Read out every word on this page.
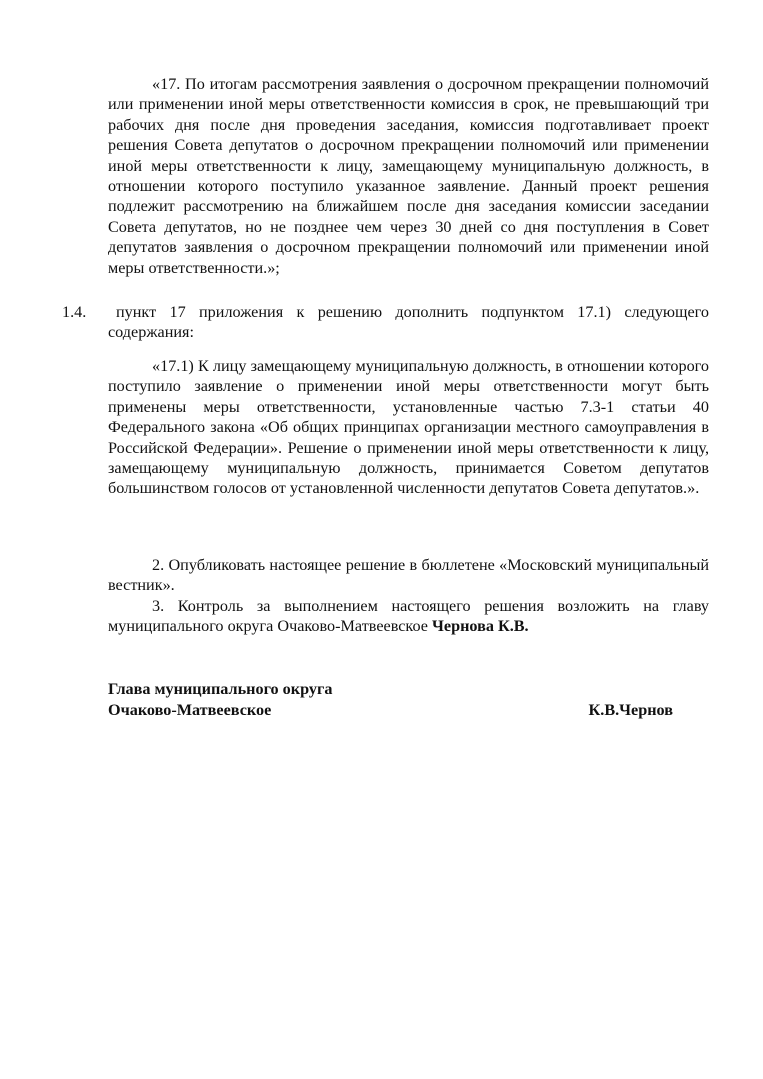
«17. По итогам рассмотрения заявления о досрочном прекращении полномочий или применении иной меры ответственности комиссия в срок, не превышающий три рабочих дня после дня проведения заседания, комиссия подготавливает проект решения Совета депутатов о досрочном прекращении полномочий или применении иной меры ответственности к лицу, замещающему муниципальную должность, в отношении которого поступило указанное заявление. Данный проект решения подлежит рассмотрению на ближайшем после дня заседания комиссии заседании Совета депутатов, но не позднее чем через 30 дней со дня поступления в Совет депутатов заявления о досрочном прекращении полномочий или применении иной меры ответственности.»;

1.4.	пункт 17 приложения к решению дополнить подпунктом 17.1) следующего содержания:

«17.1) К лицу замещающему муниципальную должность, в отношении которого поступило заявление о применении иной меры ответственности могут быть применены меры ответственности, установленные частью 7.3-1 статьи 40 Федерального закона «Об общих принципах организации местного самоуправления в Российской Федерации». Решение о применении иной меры ответственности к лицу, замещающему муниципальную должность, принимается Советом депутатов большинством голосов от установленной численности депутатов Совета депутатов.».

2. Опубликовать настоящее решение в бюллетене «Московский муниципальный вестник».

3. Контроль за выполнением настоящего решения возложить на главу муниципального округа Очаково-Матвеевское Чернова К.В.

Глава муниципального округа
Очаково-Матвеевское	К.В.Чернов
